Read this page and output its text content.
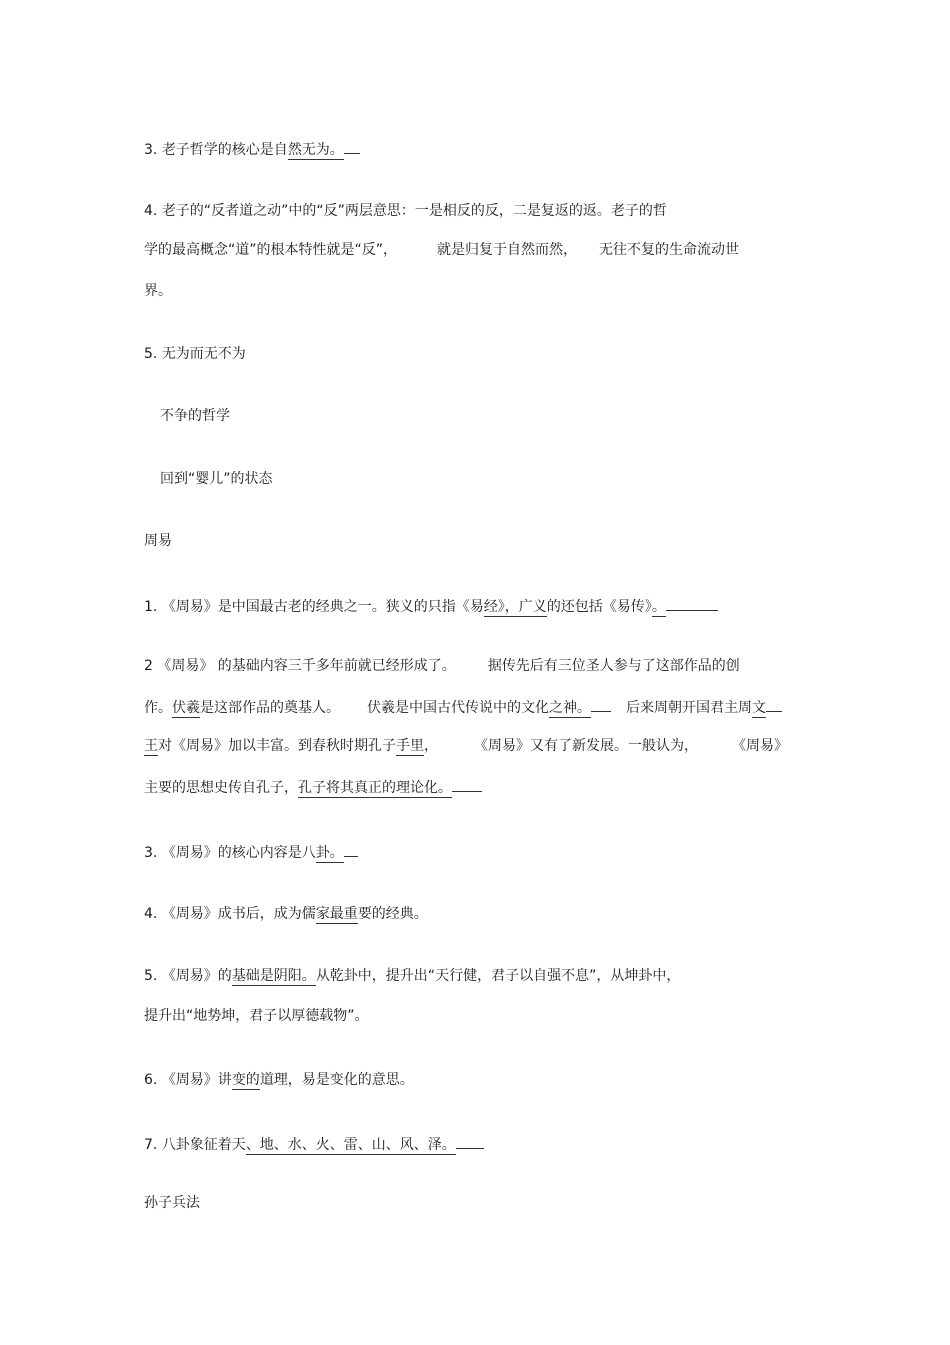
3. 老子哲学的核心是自然无为。
4. 老子的“反者道之动”中的“反”两层意思：一是相反的反，二是复返的返。老子的哲
学的最高概念“道”的根本特性就是“反”，	就是归复于自然而然， 无往不复的生命流动世
界。
5. 无为而无不为
不争的哲学
回到“婴儿”的状态
周易
1. 《周易》是中国最古老的经典之一。狭义的只指《易经》，广义的还包括《易传》。
2 《周易》 的基础内容三千多年前就已经形成了。 据传先后有三位圣人参与了这部作品的创
作。伏羲是这部作品的奠基人。 伏羲是中国古代传说中的文化之神。	后来周朝开国君主周文
王对《周易》加以丰富。到春秋时期孔子手里，	《周易》又有了新发展。一般认为， 《周易》
主要的思想史传自孔子，孔子将其真正的理论化。
3. 《周易》的核心内容是八卦。
4. 《周易》成书后，成为儒家最重要的经典。
5. 《周易》的基础是阴阳。从乾卦中，提升出“天行健，君子以自强不息”，从坤卦中，
提升出“地势坤，君子以厚德载物”。
6. 《周易》讲变的道理，易是变化的意思。
7. 八卦象征着天、地、水、火、雷、山、风、泽。
孙子兵法
